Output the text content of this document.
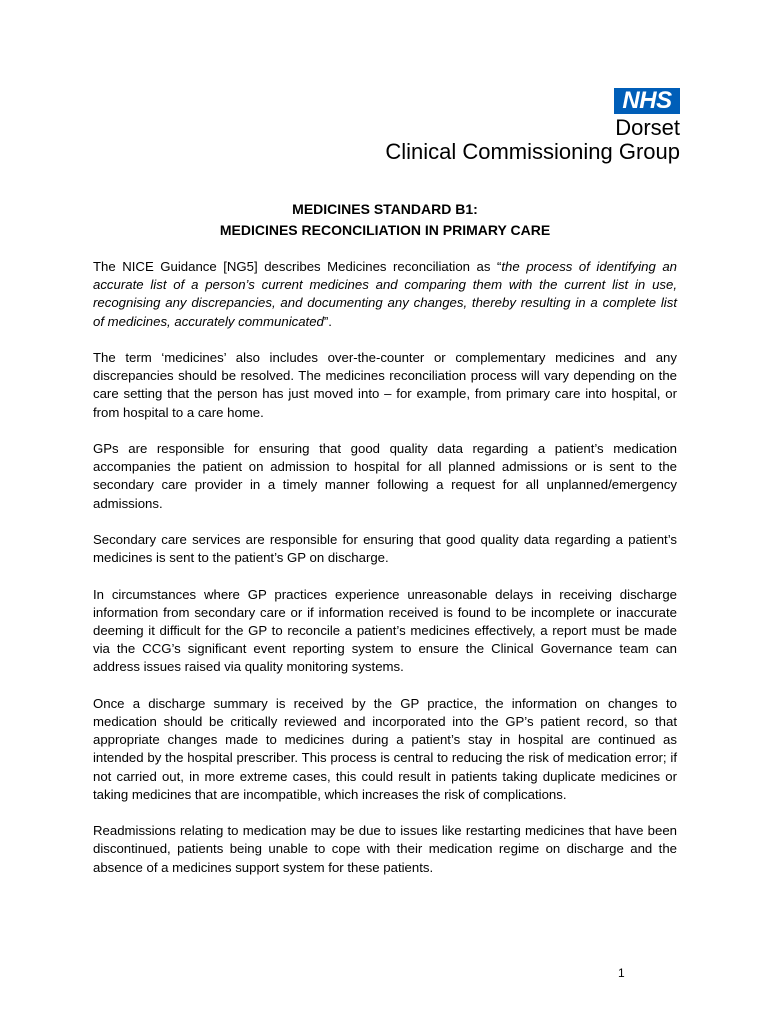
NHS
Dorset
Clinical Commissioning Group
MEDICINES STANDARD B1:
MEDICINES RECONCILIATION IN PRIMARY CARE

The NICE Guidance [NG5] describes Medicines reconciliation as “the process of identifying an accurate list of a person’s current medicines and comparing them with the current list in use, recognising any discrepancies, and documenting any changes, thereby resulting in a complete list of medicines, accurately communicated”.

The term ‘medicines’ also includes over-the-counter or complementary medicines and any discrepancies should be resolved. The medicines reconciliation process will vary depending on the care setting that the person has just moved into – for example, from primary care into hospital, or from hospital to a care home.

GPs are responsible for ensuring that good quality data regarding a patient’s medication accompanies the patient on admission to hospital for all planned admissions or is sent to the secondary care provider in a timely manner following a request for all unplanned/emergency admissions.

Secondary care services are responsible for ensuring that good quality data regarding a patient’s medicines is sent to the patient’s GP on discharge.

In circumstances where GP practices experience unreasonable delays in receiving discharge information from secondary care or if information received is found to be incomplete or inaccurate deeming it difficult for the GP to reconcile a patient’s medicines effectively, a report must be made via the CCG’s significant event reporting system to ensure the Clinical Governance team can address issues raised via quality monitoring systems.

Once a discharge summary is received by the GP practice, the information on changes to medication should be critically reviewed and incorporated into the GP’s patient record, so that appropriate changes made to medicines during a patient’s stay in hospital are continued as intended by the hospital prescriber. This process is central to reducing the risk of medication error; if not carried out, in more extreme cases, this could result in patients taking duplicate medicines or taking medicines that are incompatible, which increases the risk of complications.

Readmissions relating to medication may be due to issues like restarting medicines that have been discontinued, patients being unable to cope with their medication regime on discharge and the absence of a medicines support system for these patients.

1
